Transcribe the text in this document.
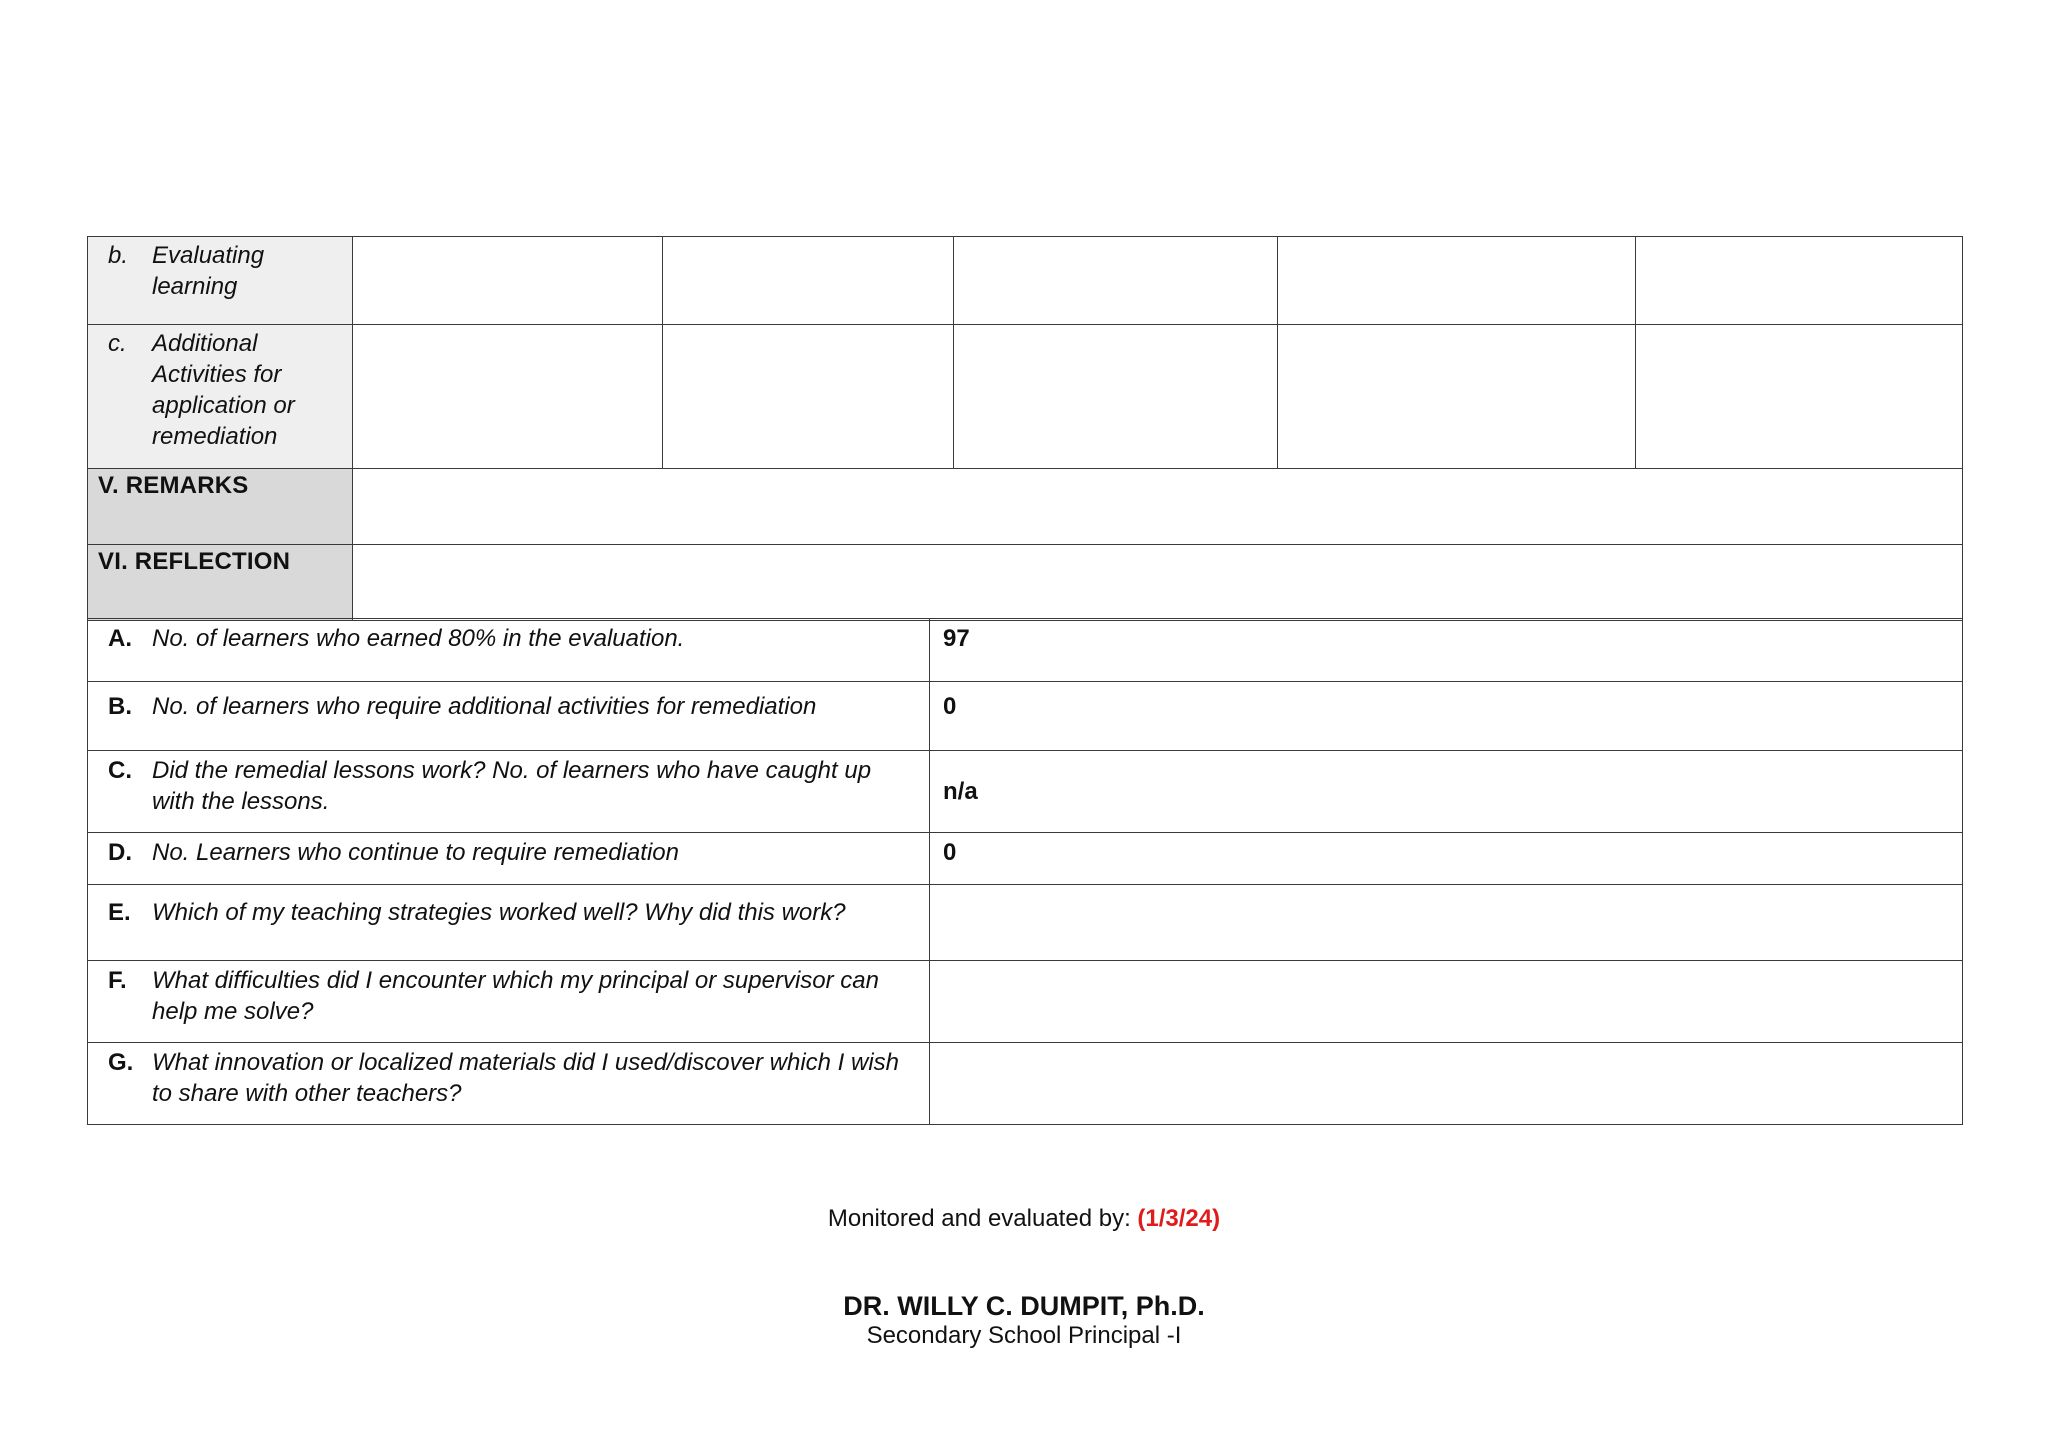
b. Evaluating learning					

c. Additional Activities for application or remediation					

V. REMARKS					

VI. REFLECTION					

A. No. of learners who earned 80% in the evaluation.	97

B. No. of learners who require additional activities for remediation	0

C. Did the remedial lessons work? No. of learners who have caught up with the lessons.	n/a

D. No. Learners who continue to require remediation	0

E. Which of my teaching strategies worked well? Why did this work?	

F. What difficulties did I encounter which my principal or supervisor can help me solve?	

G. What innovation or localized materials did I used/discover which I wish to share with other teachers?	

Monitored and evaluated by: (1/3/24)
DR. WILLY C. DUMPIT, Ph.D.
Secondary School Principal -I
